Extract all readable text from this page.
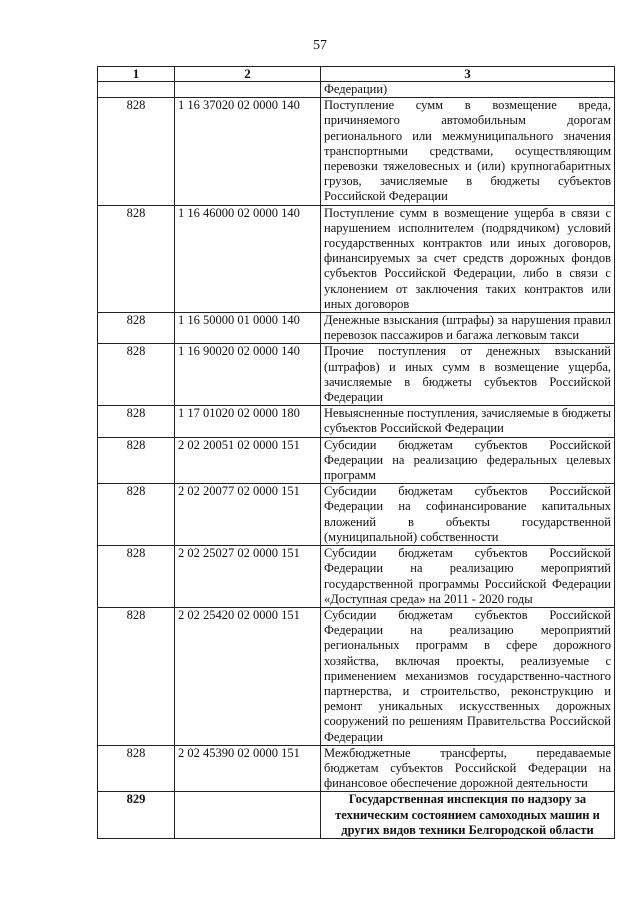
57
1	2	3
		Федерации)
828	1 16 37020 02 0000 140	Поступление сумм в возмещение вреда, причиняемого автомобильным дорогам регионального или межмуниципального значения транспортными средствами, осуществляющим перевозки тяжеловесных и (или) крупногабаритных грузов, зачисляемые в бюджеты субъектов Российской Федерации
828	1 16 46000 02 0000 140	Поступление сумм в возмещение ущерба в связи с нарушением исполнителем (подрядчиком) условий государственных контрактов или иных договоров, финансируемых за счет средств дорожных фондов субъектов Российской Федерации, либо в связи с уклонением от заключения таких контрактов или иных договоров
828	1 16 50000 01 0000 140	Денежные взыскания (штрафы) за нарушения правил перевозок пассажиров и багажа легковым такси
828	1 16 90020 02 0000 140	Прочие поступления от денежных взысканий (штрафов) и иных сумм в возмещение ущерба, зачисляемые в бюджеты субъектов Российской Федерации
828	1 17 01020 02 0000 180	Невыясненные поступления, зачисляемые в бюджеты субъектов Российской Федерации
828	2 02 20051 02 0000 151	Субсидии бюджетам субъектов Российской Федерации на реализацию федеральных целевых программ
828	2 02 20077 02 0000 151	Субсидии бюджетам субъектов Российской Федерации на софинансирование капитальных вложений в объекты государственной (муниципальной) собственности
828	2 02 25027 02 0000 151	Субсидии бюджетам субъектов Российской Федерации на реализацию мероприятий государственной программы Российской Федерации «Доступная среда» на 2011 - 2020 годы
828	2 02 25420 02 0000 151	Субсидии бюджетам субъектов Российской Федерации на реализацию мероприятий региональных программ в сфере дорожного хозяйства, включая проекты, реализуемые с применением механизмов государственно-частного партнерства, и строительство, реконструкцию и ремонт уникальных искусственных дорожных сооружений по решениям Правительства Российской Федерации
828	2 02 45390 02 0000 151	Межбюджетные трансферты, передаваемые бюджетам субъектов Российской Федерации на финансовое обеспечение дорожной деятельности
829		Государственная инспекция по надзору за техническим состоянием самоходных машин и других видов техники Белгородской области
